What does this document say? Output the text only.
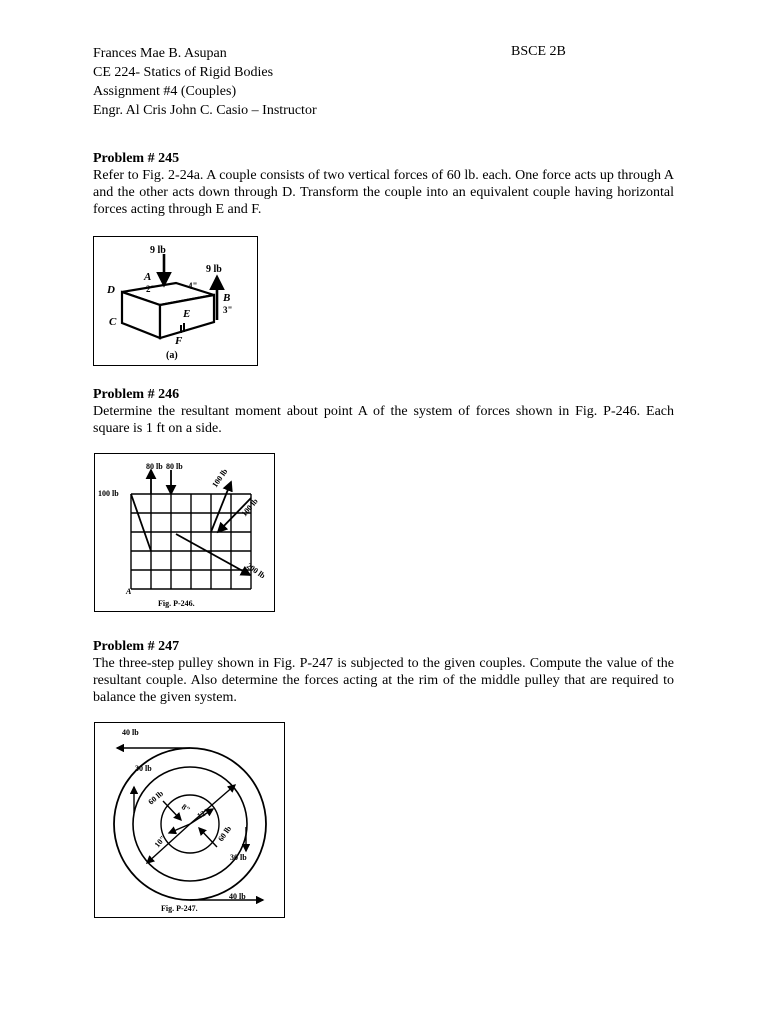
Frances Mae B. Asupan	BSCE 2B
CE 224- Statics of Rigid Bodies
Assignment #4 (Couples)
Engr. Al Cris John C. Casio – Instructor
Problem # 245
Refer to Fig. 2-24a. A couple consists of two vertical forces of 60 lb. each. One force acts up through A and the other acts down through D. Transform the couple into an equivalent couple having horizontal forces acting through E and F.
9 lb
9 lb
A
B
C
D
E
F
2"	4"
3"
(a)
Problem # 246
Determine the resultant moment about point A of the system of forces shown in Fig. P-246. Each square is 1 ft on a side.
80 lb 80 lb
100 lb
100 lb
100 lb
200 lb
A
Fig. P-246.
Problem # 247
The three-step pulley shown in Fig. P-247 is subjected to the given couples. Compute the value of the resultant couple. Also determine the forces acting at the rim of the middle pulley that are required to balance the given system.
40 lb
30 lb
60 lb
60 lb
30 lb
40 lb
8" 12"
10"
Fig. P-247.
